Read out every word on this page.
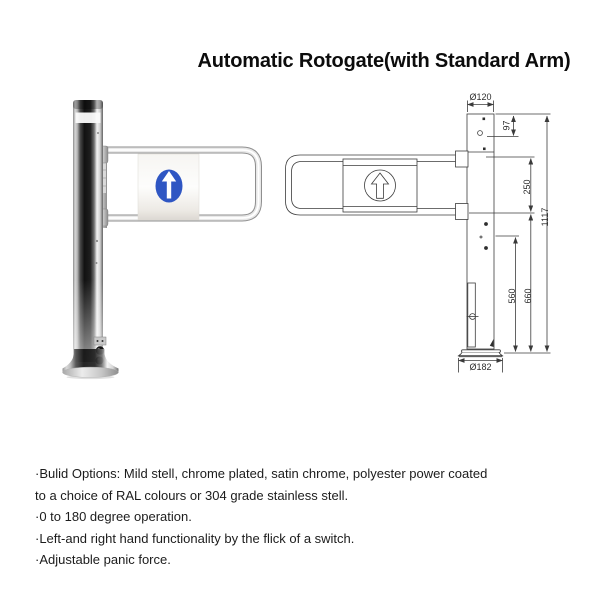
Automatic Rotogate(with Standard Arm)
Ø120
97
250
1117
560 660
Ø182
·Bulid Options: Mild stell, chrome plated, satin chrome, polyester power coated
to a choice of RAL colours or 304 grade stainless stell.
·0 to 180 degree operation.
·Left-and right hand functionality by the flick of a switch.
·Adjustable panic force.
